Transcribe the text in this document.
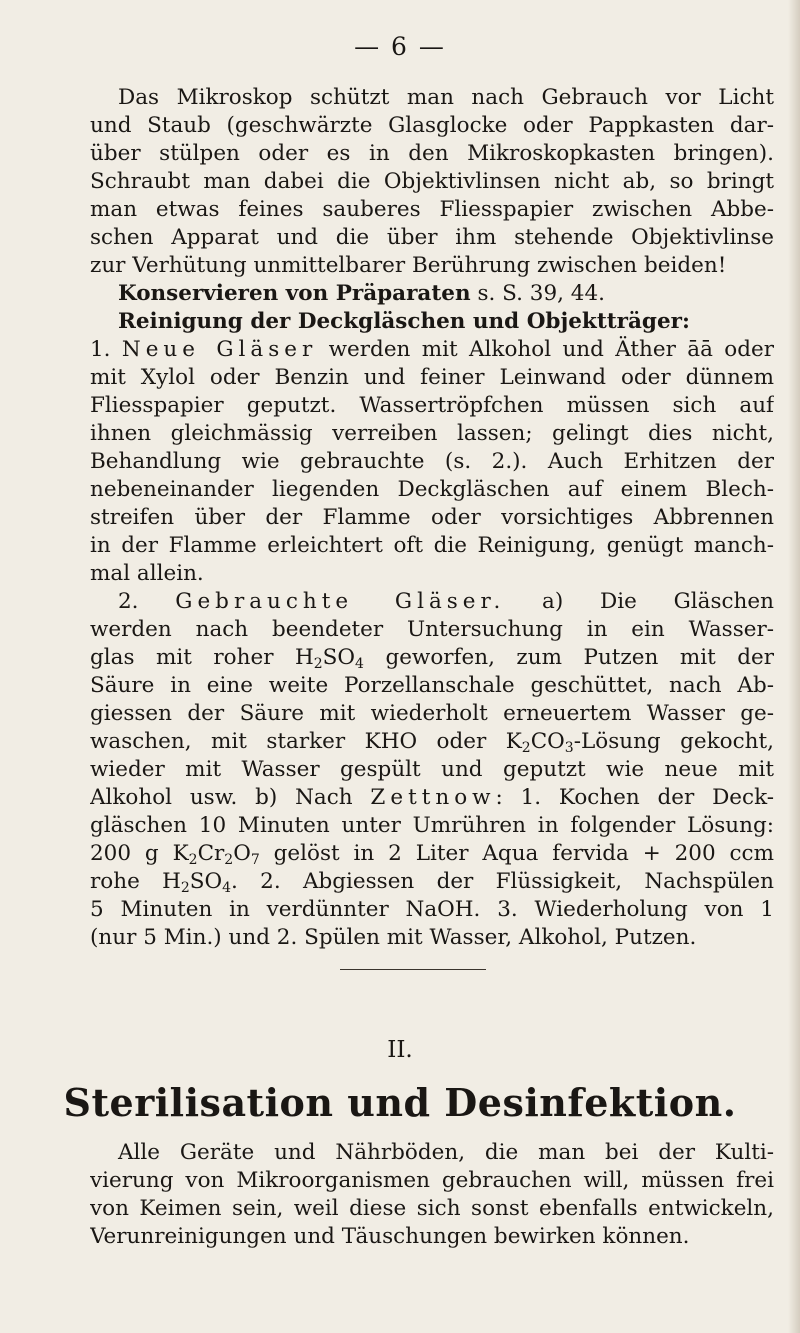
— 6 —
Das Mikroskop schützt man nach Gebrauch vor Licht
und Staub (geschwärzte Glasglocke oder Pappkasten dar-
über stülpen oder es in den Mikroskopkasten bringen).
Schraubt man dabei die Objektivlinsen nicht ab, so bringt
man etwas feines sauberes Fliesspapier zwischen Abbe-
schen Apparat und die über ihm stehende Objektivlinse
zur Verhütung unmittelbarer Berührung zwischen beiden!
Konservieren von Präparaten s. S. 39, 44.
Reinigung der Deckgläschen und Objektträger:
1. Neue Gläser werden mit Alkohol und Äther āā oder
mit Xylol oder Benzin und feiner Leinwand oder dünnem
Fliesspapier geputzt. Wassertröpfchen müssen sich auf
ihnen gleichmässig verreiben lassen; gelingt dies nicht,
Behandlung wie gebrauchte (s. 2.). Auch Erhitzen der
nebeneinander liegenden Deckgläschen auf einem Blech-
streifen über der Flamme oder vorsichtiges Abbrennen
in der Flamme erleichtert oft die Reinigung, genügt manch-
mal allein.
2. Gebrauchte Gläser. a) Die Gläschen
werden nach beendeter Untersuchung in ein Wasser-
glas mit roher $H_2SO_4$ geworfen, zum Putzen mit der
Säure in eine weite Porzellanschale geschüttet, nach Ab-
giessen der Säure mit wiederholt erneuertem Wasser ge-
waschen, mit starker KHO oder $K_2CO_3$-Lösung gekocht,
wieder mit Wasser gespült und geputzt wie neue mit
Alkohol usw. b) Nach Zettnow: 1. Kochen der Deck-
gläschen 10 Minuten unter Umrühren in folgender Lösung:
200 g $K_2Cr_2O_7$ gelöst in 2 Liter Aqua fervida + 200 ccm
rohe $H_2SO_4$. 2. Abgiessen der Flüssigkeit, Nachspülen
5 Minuten in verdünnter NaOH. 3. Wiederholung von 1
(nur 5 Min.) und 2. Spülen mit Wasser, Alkohol, Putzen.
II.
Sterilisation und Desinfektion.
Alle Geräte und Nährböden, die man bei der Kulti-
vierung von Mikroorganismen gebrauchen will, müssen frei
von Keimen sein, weil diese sich sonst ebenfalls entwickeln,
Verunreinigungen und Täuschungen bewirken können.
